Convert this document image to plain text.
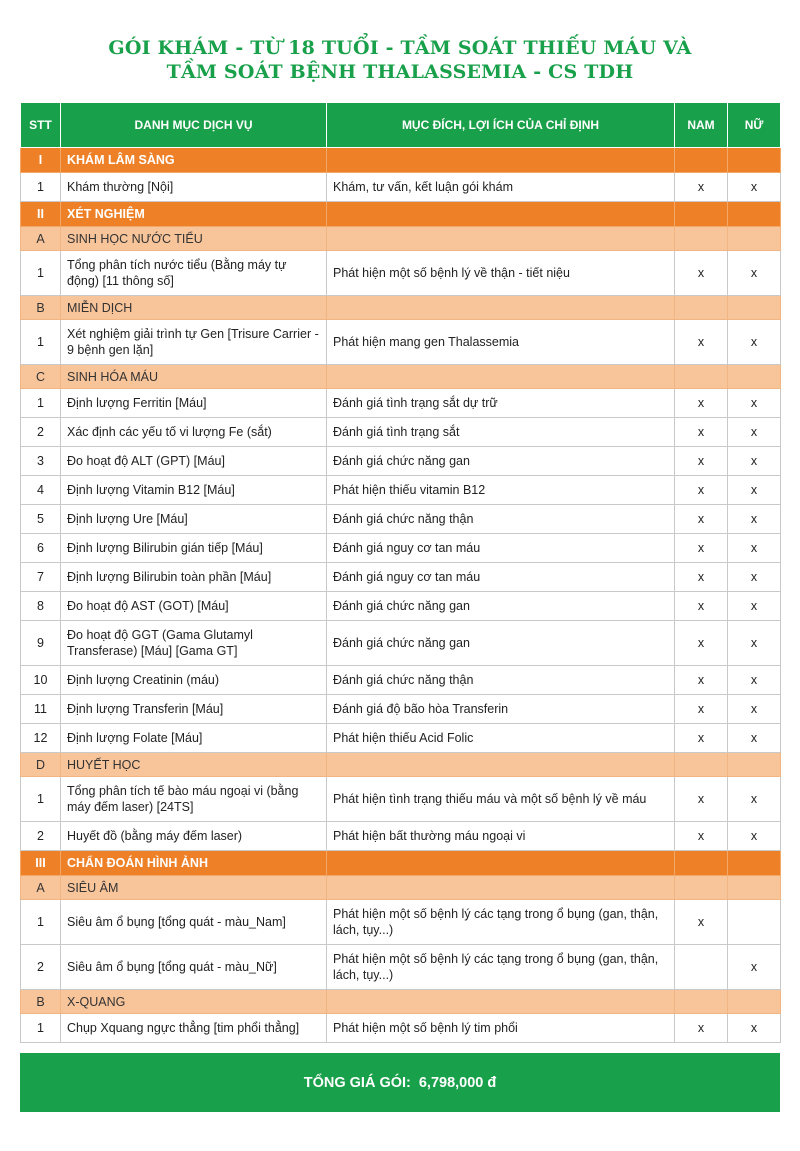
GÓI KHÁM - TỪ 18 TUỔI - TẦM SOÁT THIẾU MÁU VÀ
TẦM SOÁT BỆNH THALASSEMIA - CS TDH
STT	DANH MỤC DỊCH VỤ	MỤC ĐÍCH, LỢI ÍCH CỦA CHỈ ĐỊNH	NAM	NỮ
I	KHÁM LÂM SÀNG			
1	Khám thường [Nội]	Khám, tư vấn, kết luận gói khám	x	x
II	XÉT NGHIỆM			
A	SINH HỌC NƯỚC TIỂU			
1	Tổng phân tích nước tiểu (Bằng máy tự động) [11 thông số]	Phát hiện một số bệnh lý về thận - tiết niệu	x	x
B	MIỄN DỊCH			
1	Xét nghiệm giải trình tự Gen [Trisure Carrier - 9 bệnh gen lặn]	Phát hiện mang gen Thalassemia	x	x
C	SINH HÓA MÁU			
1	Định lượng Ferritin [Máu]	Đánh giá tình trạng sắt dự trữ	x	x
2	Xác định các yếu tố vi lượng Fe (sắt)	Đánh giá tình trạng sắt	x	x
3	Đo hoạt độ ALT (GPT) [Máu]	Đánh giá chức năng gan	x	x
4	Định lượng Vitamin B12 [Máu]	Phát hiện thiếu vitamin B12	x	x
5	Định lượng Ure [Máu]	Đánh giá chức năng thận	x	x
6	Định lượng Bilirubin gián tiếp [Máu]	Đánh giá nguy cơ tan máu	x	x
7	Định lượng Bilirubin toàn phần [Máu]	Đánh giá nguy cơ tan máu	x	x
8	Đo hoạt độ AST (GOT) [Máu]	Đánh giá chức năng gan	x	x
9	Đo hoạt độ GGT (Gama Glutamyl Transferase) [Máu] [Gama GT]	Đánh giá chức năng gan	x	x
10	Định lượng Creatinin (máu)	Đánh giá chức năng thận	x	x
11	Định lượng Transferin [Máu]	Đánh giá độ bão hòa Transferin	x	x
12	Định lượng Folate [Máu]	Phát hiện thiếu Acid Folic	x	x
D	HUYẾT HỌC			
1	Tổng phân tích tế bào máu ngoại vi (bằng máy đếm laser) [24TS]	Phát hiện tình trạng thiếu máu và một số bệnh lý về máu	x	x
2	Huyết đồ (bằng máy đếm laser)	Phát hiện bất thường máu ngoại vi	x	x
III	CHẨN ĐOÁN HÌNH ẢNH			
A	SIÊU ÂM			
1	Siêu âm ổ bụng [tổng quát - màu_Nam]	Phát hiện một số bệnh lý các tạng trong ổ bụng (gan, thận, lách, tụy...)	x	
2	Siêu âm ổ bụng [tổng quát - màu_Nữ]	Phát hiện một số bệnh lý các tạng trong ổ bụng (gan, thận, lách, tụy...)		x
B	X-QUANG			
1	Chụp Xquang ngực thẳng [tim phổi thẳng]	Phát hiện một số bệnh lý tim phổi	x	x
TỔNG GIÁ GÓI: 6,798,000 đ
